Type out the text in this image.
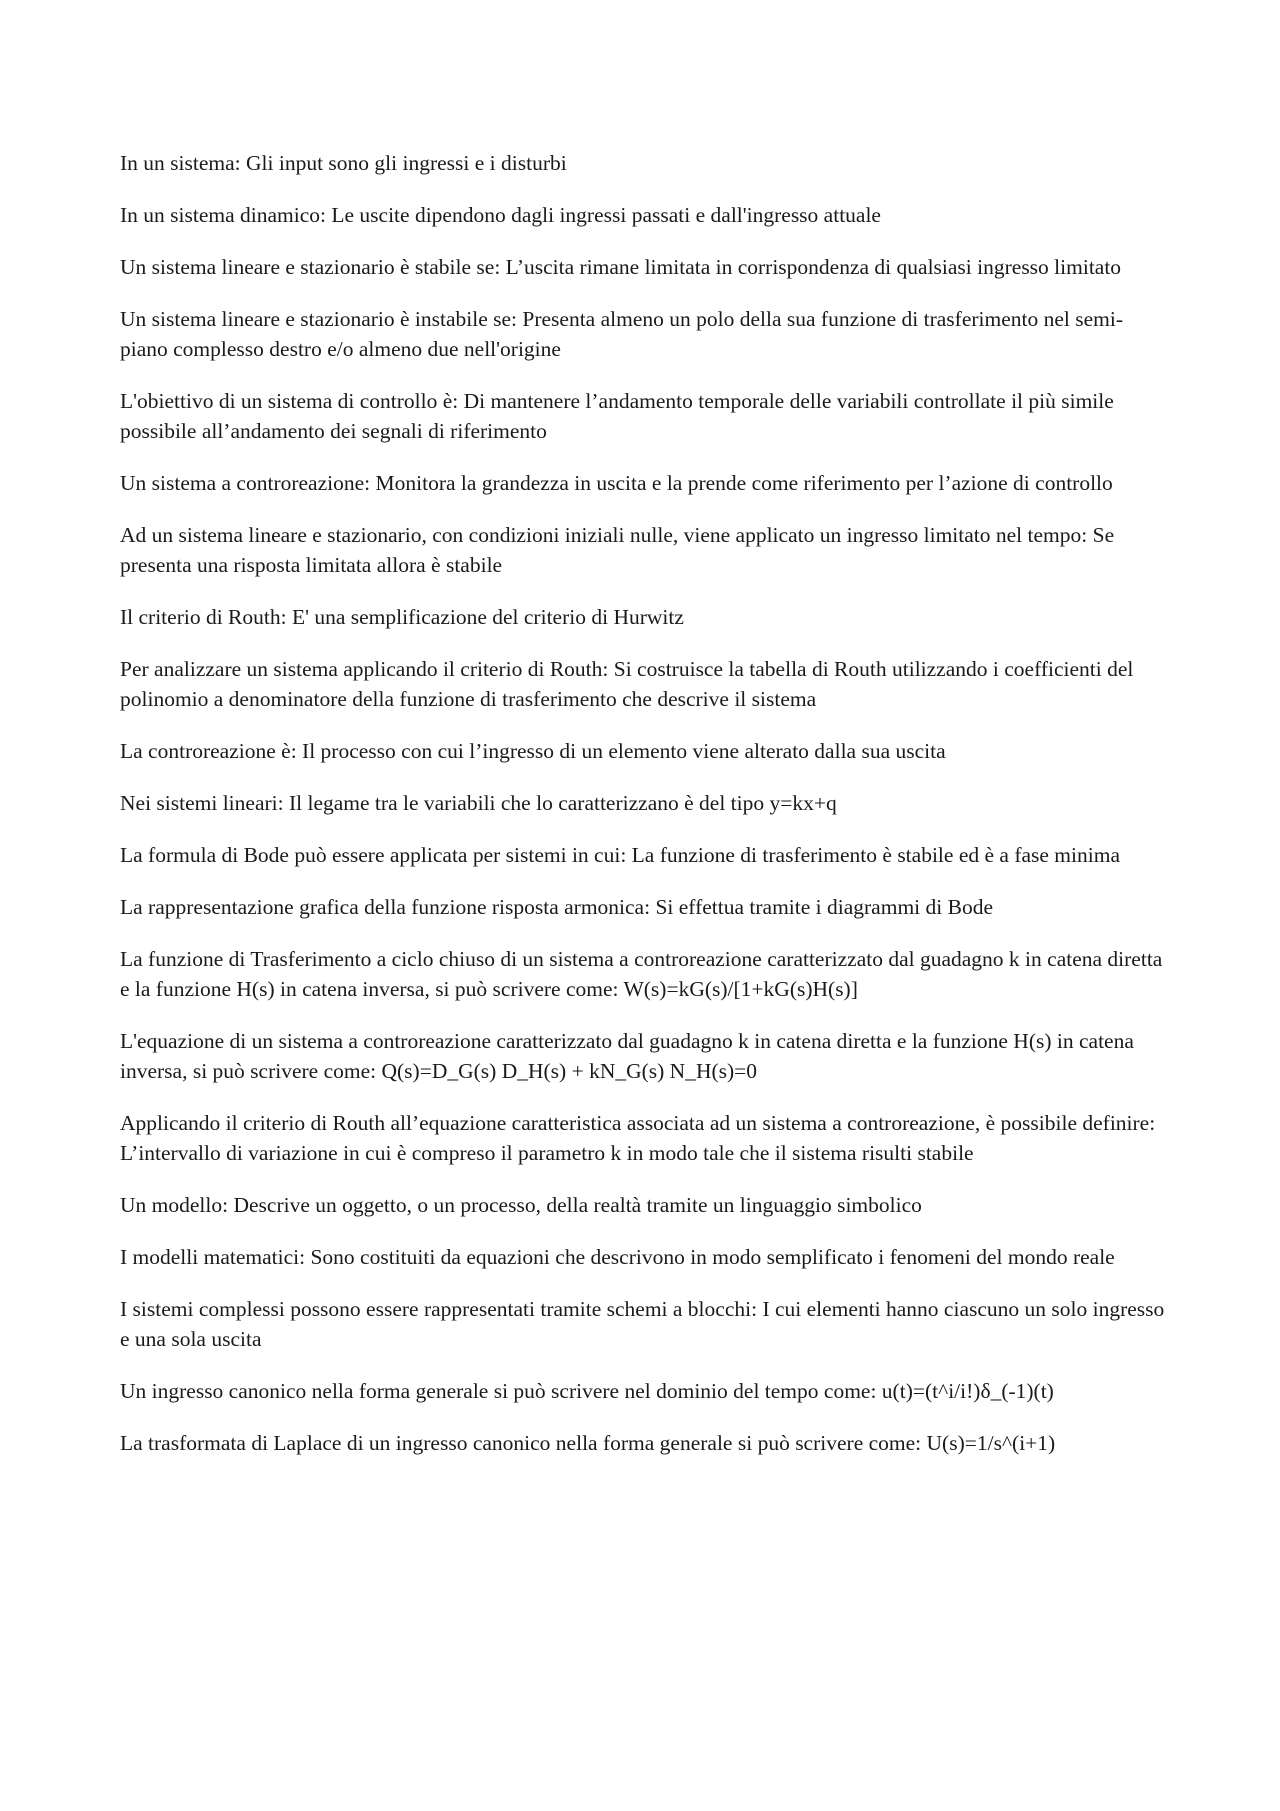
In un sistema: Gli input sono gli ingressi e i disturbi

In un sistema dinamico: Le uscite dipendono dagli ingressi passati e dall'ingresso attuale

Un sistema lineare e stazionario è stabile se: L’uscita rimane limitata in corrispondenza di qualsiasi ingresso limitato

Un sistema lineare e stazionario è instabile se: Presenta almeno un polo della sua funzione di trasferimento nel semi-piano complesso destro e/o almeno due nell'origine

L'obiettivo di un sistema di controllo è: Di mantenere l’andamento temporale delle variabili controllate il più simile possibile all’andamento dei segnali di riferimento

Un sistema a controreazione: Monitora la grandezza in uscita e la prende come riferimento per l’azione di controllo

Ad un sistema lineare e stazionario, con condizioni iniziali nulle, viene applicato un ingresso limitato nel tempo: Se presenta una risposta limitata allora è stabile

Il criterio di Routh: E' una semplificazione del criterio di Hurwitz

Per analizzare un sistema applicando il criterio di Routh: Si costruisce la tabella di Routh utilizzando i coefficienti del polinomio a denominatore della funzione di trasferimento che descrive il sistema

La controreazione è: Il processo con cui l’ingresso di un elemento viene alterato dalla sua uscita

Nei sistemi lineari: Il legame tra le variabili che lo caratterizzano è del tipo y=kx+q

La formula di Bode può essere applicata per sistemi in cui: La funzione di trasferimento è stabile ed è a fase minima

La rappresentazione grafica della funzione risposta armonica: Si effettua tramite i diagrammi di Bode

La funzione di Trasferimento a ciclo chiuso di un sistema a controreazione caratterizzato dal guadagno k in catena diretta e la funzione H(s) in catena inversa, si può scrivere come: W(s)=kG(s)/[1+kG(s)H(s)]

L'equazione di un sistema a controreazione caratterizzato dal guadagno k in catena diretta e la funzione H(s) in catena inversa, si può scrivere come: Q(s)=D_G(s) D_H(s) + kN_G(s) N_H(s)=0

Applicando il criterio di Routh all’equazione caratteristica associata ad un sistema a controreazione, è possibile definire: L’intervallo di variazione in cui è compreso il parametro k in modo tale che il sistema risulti stabile

Un modello: Descrive un oggetto, o un processo, della realtà tramite un linguaggio simbolico

I modelli matematici: Sono costituiti da equazioni che descrivono in modo semplificato i fenomeni del mondo reale

I sistemi complessi possono essere rappresentati tramite schemi a blocchi: I cui elementi hanno ciascuno un solo ingresso e una sola uscita

Un ingresso canonico nella forma generale si può scrivere nel dominio del tempo come: u(t)=(t^i/i!)δ_(-1)(t)

La trasformata di Laplace di un ingresso canonico nella forma generale si può scrivere come: U(s)=1/s^(i+1)
